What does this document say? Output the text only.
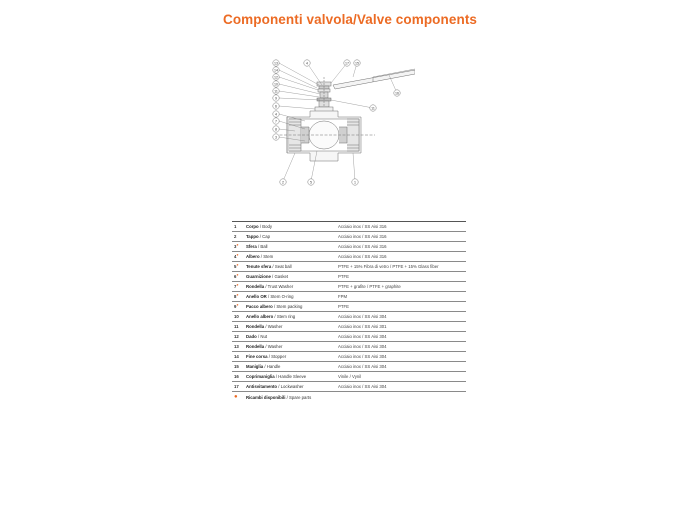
Componenti valvola/Valve components
13
14
12
10
11
9
6
4
7
8
3
4	17 15
16
11
2	5	1
1	Corpo / Body	Acciaio inox / SS Aisi 316
2	Tappo / Cap	Acciaio inox / SS Aisi 316
3●	Sfera / Ball	Acciaio inox / SS Aisi 316
4●	Albero / Stem	Acciaio inox / SS Aisi 316
5●	Tenute sfera / Seat ball	PTFE + 15% Fibra di vetro / PTFE + 15% Glass fiber
6●	Guarnizione / Gasket	PTFE
7●	Rondella / Trust Washer	PTFE + grafite / PTFE + graphite
8●	Anello OR / Stem O-ring	FPM
9●	Pacco albero / Stem packing	PTFE
10	Anello albero / Stem ring	Acciaio inox / SS Aisi 304
11	Rondella / Washer	Acciaio inox / SS Aisi 301
12	Dado / Nut	Acciaio inox / SS Aisi 304
13	Rondella / Washer	Acciaio inox / SS Aisi 304
14	Fine corsa / Stopper	Acciaio inox / SS Aisi 304
15	Maniglia / Handle	Acciaio inox / SS Aisi 304
16	Coprimaniglia / Handle Sleeve	Vinile / Vynil
17	Antisvitamento / Lockwasher	Acciaio inox / SS Aisi 304
●	Ricambi disponibili / Spare parts	
